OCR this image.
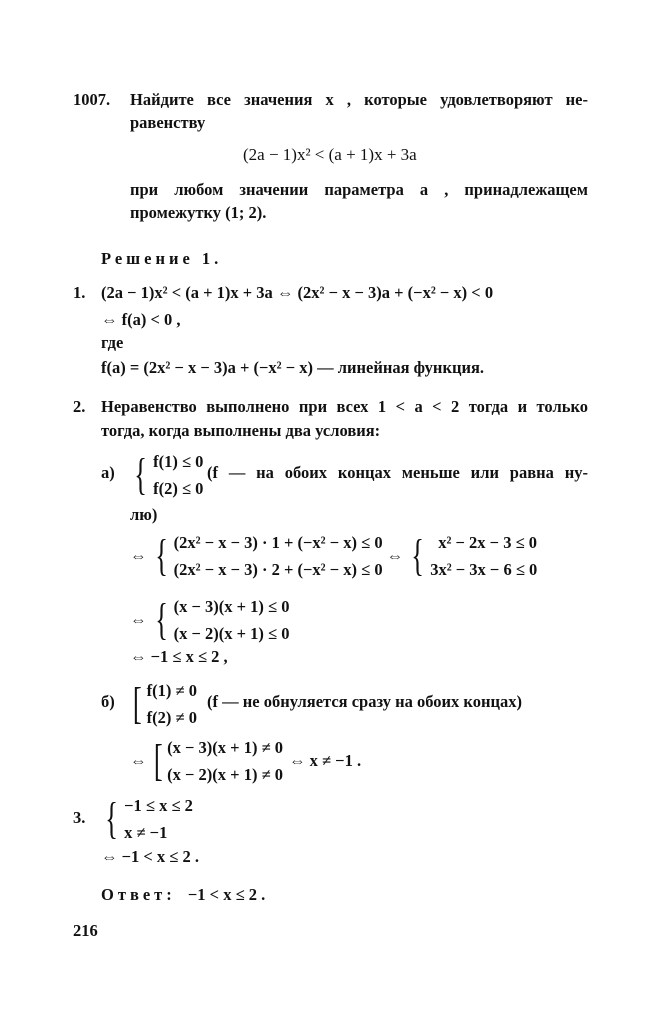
1007. Найдите все значения x , которые удовлетворяют не-
равенству
(2a − 1)x² < (a + 1)x + 3a
при любом значении параметра a , принадлежащем
промежутку (1; 2).
Решение 1.
1. (2a − 1)x² < (a + 1)x + 3a ⇔ (2x² − x − 3)a + (−x² − x) < 0
⇔ f(a) < 0 ,
где
f(a) = (2x² − x − 3)a + (−x² − x) — линейная функция.
2. Неравенство выполнено при всех 1 < a < 2 тогда и только
тогда, когда выполнены два условия:
а) { f(1) ≤ 0
f(2) ≤ 0
(f — на обоих концах меньше или равна ну-
лю)
⇔ { (2x² − x − 3) · 1 + (−x² − x) ≤ 0
(2x² − x − 3) · 2 + (−x² − x) ≤ 0
⇔ { x² − 2x − 3 ≤ 0
3x² − 3x − 6 ≤ 0
⇔ { (x − 3)(x + 1) ≤ 0
(x − 2)(x + 1) ≤ 0
⇔ −1 ≤ x ≤ 2 ,
б) [ f(1) ≠ 0
f(2) ≠ 0
(f — не обнуляется сразу на обоих концах)
⇔ [ (x − 3)(x + 1) ≠ 0
(x − 2)(x + 1) ≠ 0
⇔ x ≠ −1 .
3. { −1 ≤ x ≤ 2
x ≠ −1
⇔ −1 < x ≤ 2 .
Ответ: −1 < x ≤ 2 .
216
